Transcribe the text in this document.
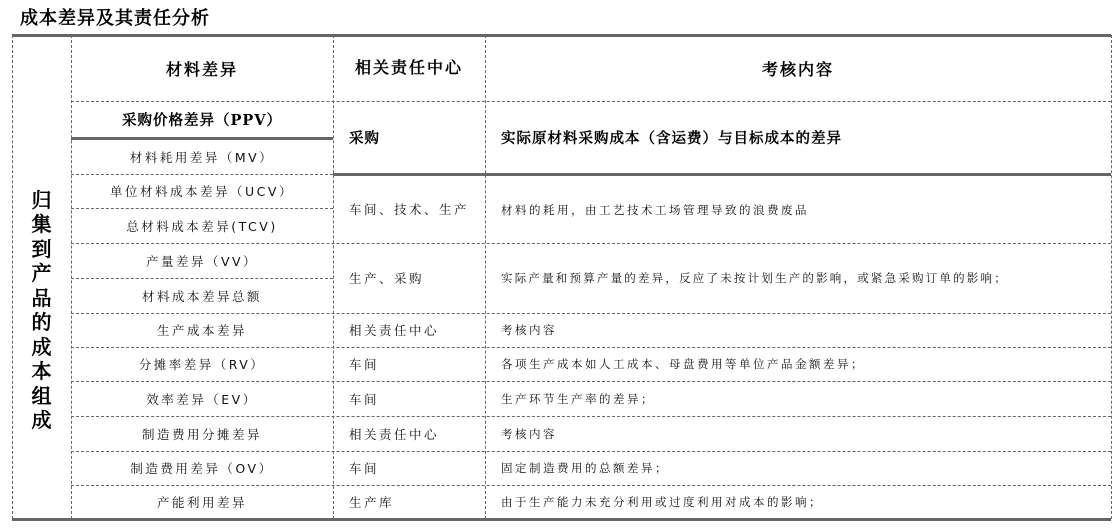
成本差异及其责任分析
归
集
到
产
品
的
成
本
组
成
材料差异	相关责任中心	考核内容
采购价格差异（PPV）
材料耗用差异（MV）
单位材料成本差异（UCV）
总材料成本差异(TCV)
产量差异（VV）
材料成本差异总额
生产成本差异
分摊率差异（RV）
效率差异（EV）
制造费用分摊差异
制造费用差异（OV）
产能利用差异
采购
车间、技术、生产
生产、采购
相关责任中心
车间
车间
相关责任中心
车间
生产库
实际原材料采购成本（含运费）与目标成本的差异
材料的耗用，由工艺技术工场管理导致的浪费废品
实际产量和预算产量的差异，反应了未按计划生产的影响，或紧急采购订单的影响；
考核内容
各项生产成本如人工成本、母盘费用等单位产品金额差异；
生产环节生产率的差异；
考核内容
固定制造费用的总额差异；
由于生产能力未充分利用或过度利用对成本的影响；
